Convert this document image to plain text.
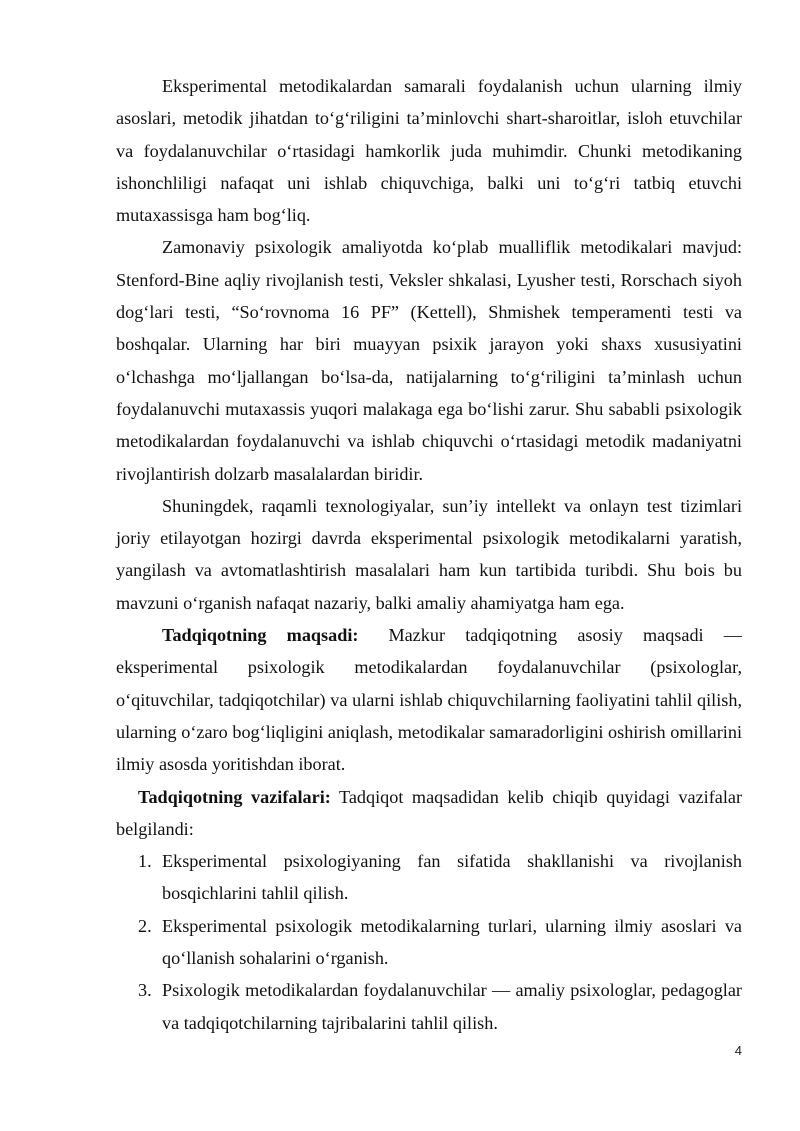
Eksperimental metodikalardan samarali foydalanish uchun ularning ilmiy asoslari, metodik jihatdan to‘g‘riligini ta’minlovchi shart-sharoitlar, isloh etuvchilar va foydalanuvchilar o‘rtasidagi hamkorlik juda muhimdir. Chunki metodikaning ishonchliligi nafaqat uni ishlab chiquvchiga, balki uni to‘g‘ri tatbiq etuvchi mutaxassisga ham bog‘liq.

Zamonaviy psixologik amaliyotda ko‘plab mualliflik metodikalari mavjud: Stenford-Bine aqliy rivojlanish testi, Veksler shkalasi, Lyusher testi, Rorschach siyoh dog‘lari testi, “So‘rovnoma 16 PF” (Kettell), Shmishek temperamenti testi va boshqalar. Ularning har biri muayyan psixik jarayon yoki shaxs xususiyatini o‘lchashga mo‘ljallangan bo‘lsa-da, natijalarning to‘g‘riligini ta’minlash uchun foydalanuvchi mutaxassis yuqori malakaga ega bo‘lishi zarur. Shu sababli psixologik metodikalardan foydalanuvchi va ishlab chiquvchi o‘rtasidagi metodik madaniyatni rivojlantirish dolzarb masalalardan biridir.

Shuningdek, raqamli texnologiyalar, sun’iy intellekt va onlayn test tizimlari joriy etilayotgan hozirgi davrda eksperimental psixologik metodikalarni yaratish, yangilash va avtomatlashtirish masalalari ham kun tartibida turibdi. Shu bois bu mavzuni o‘rganish nafaqat nazariy, balki amaliy ahamiyatga ham ega.

Tadqiqotning maqsadi: Mazkur tadqiqotning asosiy maqsadi — eksperimental psixologik metodikalardan foydalanuvchilar (psixologlar, o‘qituvchilar, tadqiqotchilar) va ularni ishlab chiquvchilarning faoliyatini tahlil qilish, ularning o‘zaro bog‘liqligini aniqlash, metodikalar samaradorligini oshirish omillarini ilmiy asosda yoritishdan iborat.

Tadqiqotning vazifalari: Tadqiqot maqsadidan kelib chiqib quyidagi vazifalar belgilandi:

1. Eksperimental psixologiyaning fan sifatida shakllanishi va rivojlanish bosqichlarini tahlil qilish.
2. Eksperimental psixologik metodikalarning turlari, ularning ilmiy asoslari va qo‘llanish sohalarini o‘rganish.
3. Psixologik metodikalardan foydalanuvchilar — amaliy psixologlar, pedagoglar va tadqiqotchilarning tajribalarini tahlil qilish.
4
